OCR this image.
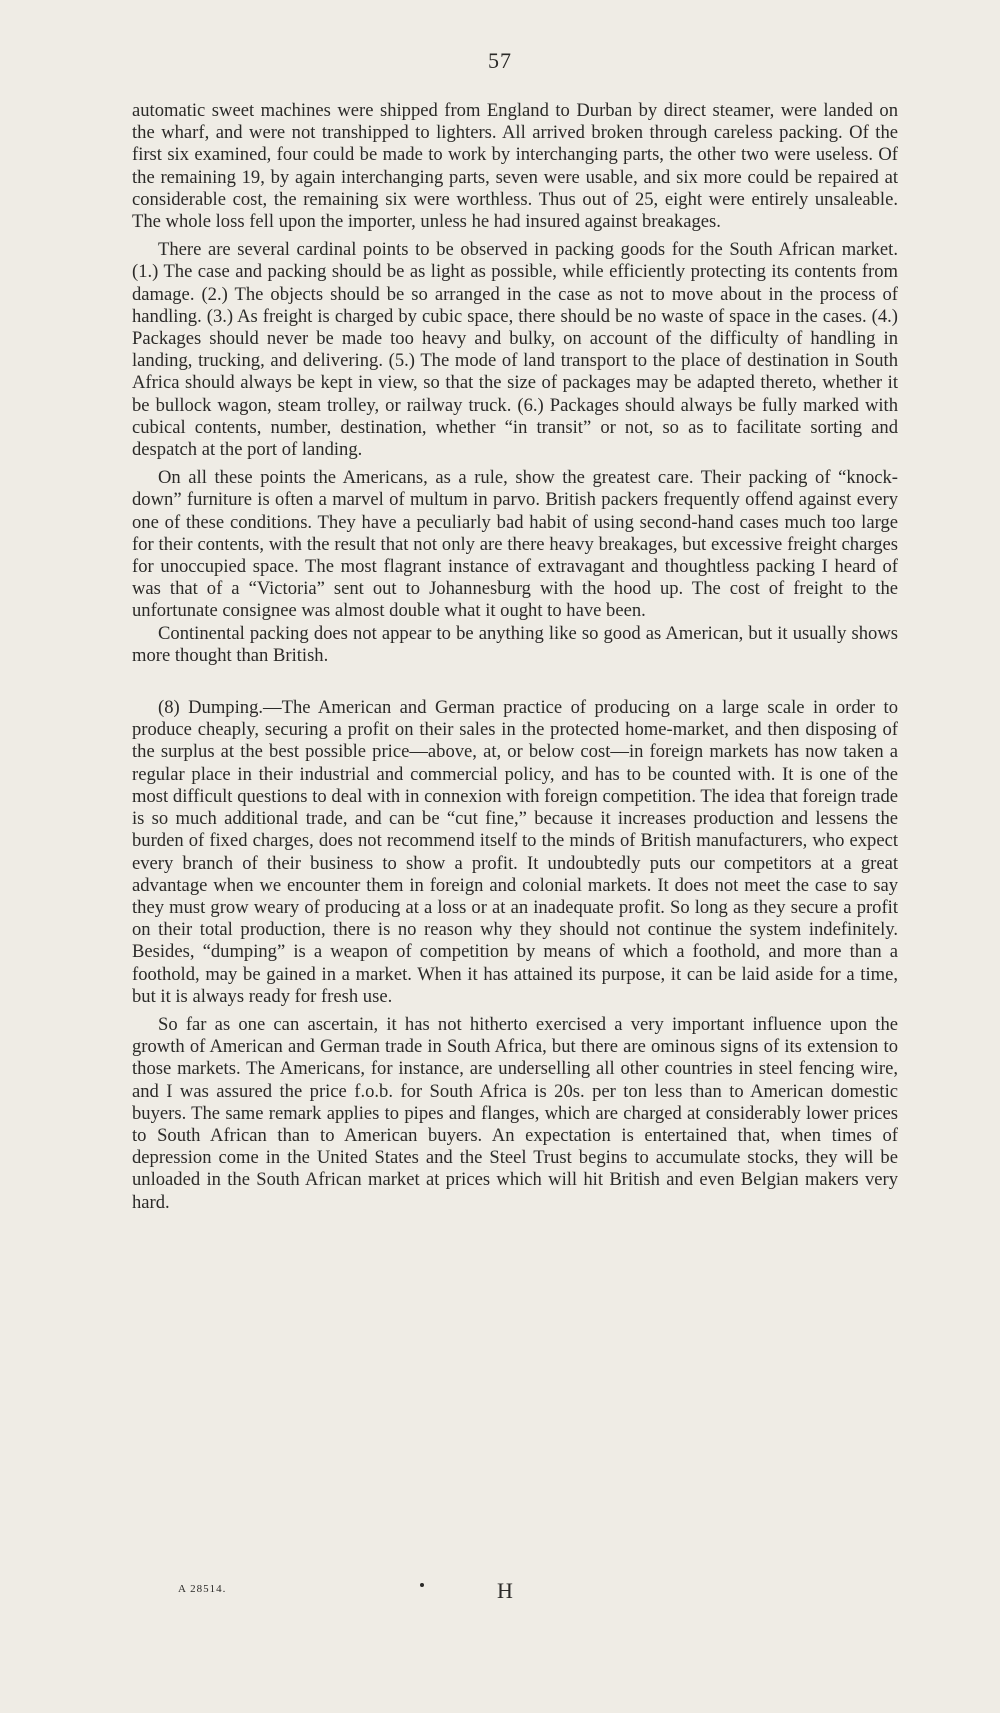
57

automatic sweet machines were shipped from England to Durban by direct steamer, were landed on the wharf, and were not transhipped to lighters. All arrived broken through careless packing. Of the first six examined, four could be made to work by interchanging parts, the other two were useless. Of the remaining 19, by again interchanging parts, seven were usable, and six more could be repaired at considerable cost, the remaining six were worthless. Thus out of 25, eight were entirely unsaleable. The whole loss fell upon the importer, unless he had insured against breakages.

There are several cardinal points to be observed in packing goods for the South African market. (1.) The case and packing should be as light as possible, while efficiently protecting its contents from damage. (2.) The objects should be so arranged in the case as not to move about in the process of handling. (3.) As freight is charged by cubic space, there should be no waste of space in the cases. (4.) Packages should never be made too heavy and bulky, on account of the difficulty of handling in landing, trucking, and delivering. (5.) The mode of land transport to the place of destination in South Africa should always be kept in view, so that the size of packages may be adapted thereto, whether it be bullock wagon, steam trolley, or railway truck. (6.) Packages should always be fully marked with cubical contents, number, destination, whether “in transit” or not, so as to facilitate sorting and despatch at the port of landing.

On all these points the Americans, as a rule, show the greatest care. Their packing of “knock-down” furniture is often a marvel of multum in parvo. British packers frequently offend against every one of these conditions. They have a peculiarly bad habit of using second-hand cases much too large for their contents, with the result that not only are there heavy breakages, but excessive freight charges for unoccupied space. The most flagrant instance of extravagant and thoughtless packing I heard of was that of a “Victoria” sent out to Johannesburg with the hood up. The cost of freight to the unfortunate consignee was almost double what it ought to have been.

Continental packing does not appear to be anything like so good as American, but it usually shows more thought than British.

(8) Dumping.—The American and German practice of producing on a large scale in order to produce cheaply, securing a profit on their sales in the protected home-market, and then disposing of the surplus at the best possible price—above, at, or below cost—in foreign markets has now taken a regular place in their industrial and commercial policy, and has to be counted with. It is one of the most difficult questions to deal with in connexion with foreign competition. The idea that foreign trade is so much additional trade, and can be “cut fine,” because it increases production and lessens the burden of fixed charges, does not recommend itself to the minds of British manufacturers, who expect every branch of their business to show a profit. It undoubtedly puts our competitors at a great advantage when we encounter them in foreign and colonial markets. It does not meet the case to say they must grow weary of producing at a loss or at an inadequate profit. So long as they secure a profit on their total production, there is no reason why they should not continue the system indefinitely. Besides, “dumping” is a weapon of competition by means of which a foothold, and more than a foothold, may be gained in a market. When it has attained its purpose, it can be laid aside for a time, but it is always ready for fresh use.

So far as one can ascertain, it has not hitherto exercised a very important influence upon the growth of American and German trade in South Africa, but there are ominous signs of its extension to those markets. The Americans, for instance, are underselling all other countries in steel fencing wire, and I was assured the price f.o.b. for South Africa is 20s. per ton less than to American domestic buyers. The same remark applies to pipes and flanges, which are charged at considerably lower prices to South African than to American buyers. An expectation is entertained that, when times of depression come in the United States and the Steel Trust begins to accumulate stocks, they will be unloaded in the South African market at prices which will hit British and even Belgian makers very hard.

A 28514.	H
